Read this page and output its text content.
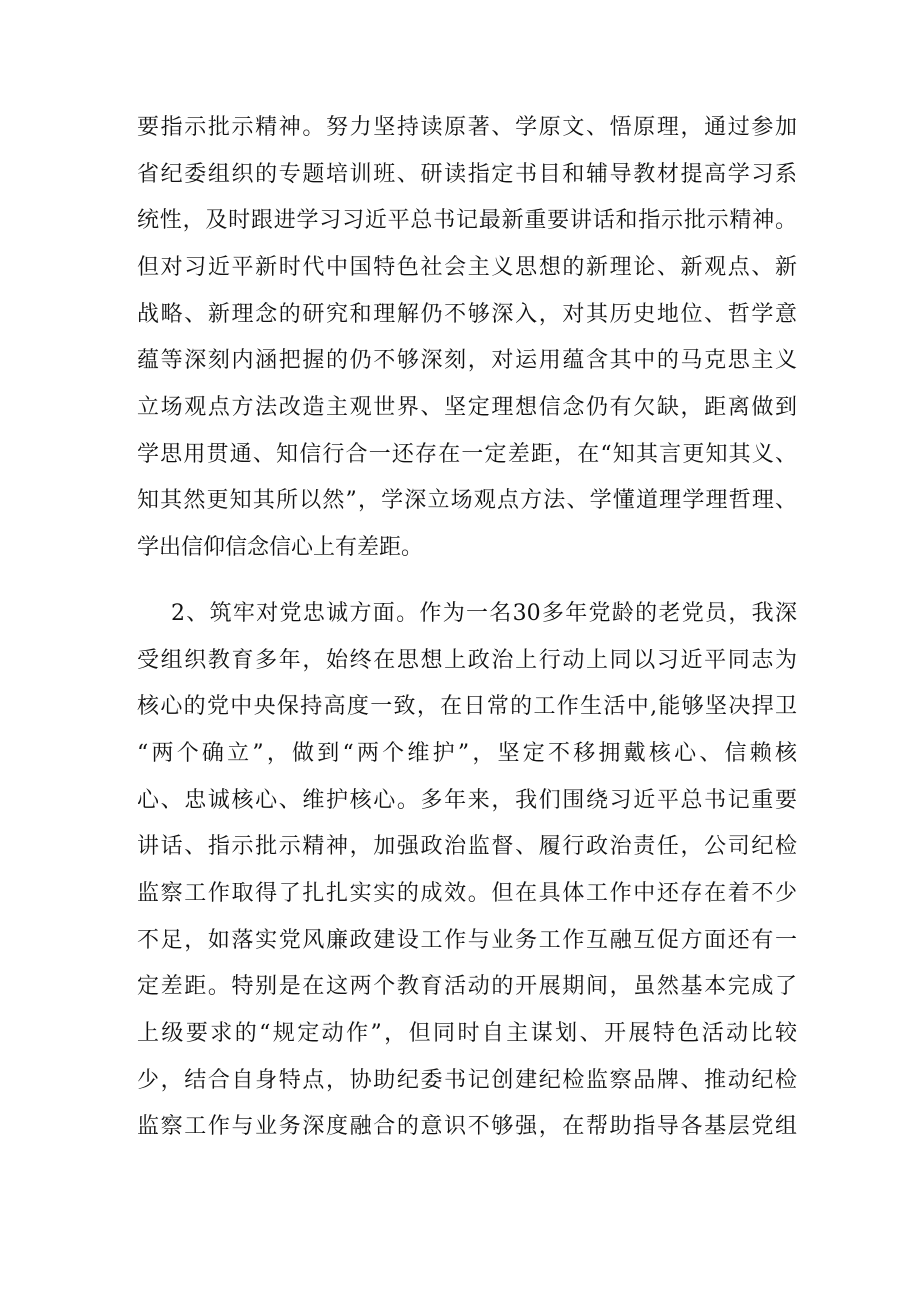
要指示批示精神。努力坚持读原著、学原文、悟原理，通过参加
省纪委组织的专题培训班、研读指定书目和辅导教材提高学习系
统性，及时跟进学习习近平总书记最新重要讲话和指示批示精神。
但对习近平新时代中国特色社会主义思想的新理论、新观点、新
战略、新理念的研究和理解仍不够深入，对其历史地位、哲学意
蕴等深刻内涵把握的仍不够深刻，对运用蕴含其中的马克思主义
立场观点方法改造主观世界、坚定理想信念仍有欠缺，距离做到
学思用贯通、知信行合一还存在一定差距，在“知其言更知其义、
知其然更知其所以然”，学深立场观点方法、学懂道理学理哲理、
学出信仰信念信心上有差距。
2、筑牢对党忠诚方面。作为一名30多年党龄的老党员，我深
受组织教育多年，始终在思想上政治上行动上同以习近平同志为
核心的党中央保持高度一致，在日常的工作生活中,能够坚决捍卫
“两个确立”，做到“两个维护”，坚定不移拥戴核心、信赖核
心、忠诚核心、维护核心。多年来，我们围绕习近平总书记重要
讲话、指示批示精神，加强政治监督、履行政治责任，公司纪检
监察工作取得了扎扎实实的成效。但在具体工作中还存在着不少
不足，如落实党风廉政建设工作与业务工作互融互促方面还有一
定差距。特别是在这两个教育活动的开展期间，虽然基本完成了
上级要求的“规定动作”，但同时自主谋划、开展特色活动比较
少，结合自身特点，协助纪委书记创建纪检监察品牌、推动纪检
监察工作与业务深度融合的意识不够强，在帮助指导各基层党组
